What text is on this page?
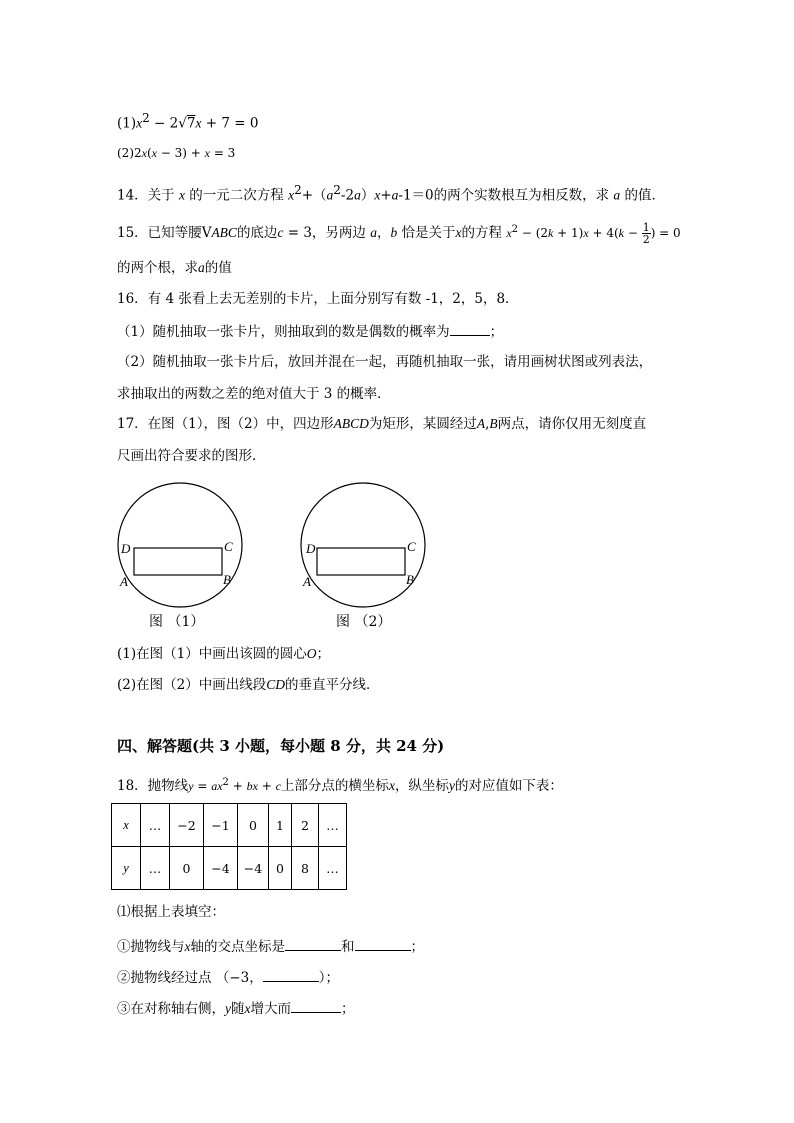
$(1)x^2 - 2√7x + 7 = 0$
(2)2x(x − 3) + x = 3
14．关于 x 的一元二次方程 $x^2+(a^2-2a)x+a-1=0$的两个实数根互为相反数，求 a 的值．
15．已知等腰VABC的底边c = 3，另两边 a，b 恰是关于x的方程 $x^2 - (2k + 1)x + 4(k - \frac{1}{2}$ ) = 0
的两个根，求a的值
16．有 4 张看上去无差别的卡片，上面分别写有数 -1，2，5，8．
（1）随机抽取一张卡片，则抽取到的数是偶数的概率为	；
（2）随机抽取一张卡片后，放回并混在一起，再随机抽取一张，请用画树状图或列表法，
求抽取出的两数之差的绝对值大于 3 的概率．
17．在图（1），图（2）中，四边形ABCD为矩形，某圆经过A,B两点，请你仅用无刻度直
尺画出符合要求的图形．
D	C
A	B
D	C
A	B
图 （1）	图 （2）
(1)在图（1）中画出该圆的圆心O；
(2)在图（2）中画出线段CD的垂直平分线．
四、解答题(共 3 小题，每小题 8 分，共 24 分)
18．抛物线$y = ax^2$ + bx + c上部分点的横坐标x，纵坐标y的对应值如下表：
x	…	−2	−1	0	1	2	…
y	…	0	−4	−4	0	8	…
⑴根据上表填空：
①抛物线与x轴的交点坐标是	和	；
②抛物线经过点 （−3，	）；
③在对称轴右侧，y随x增大而	；
